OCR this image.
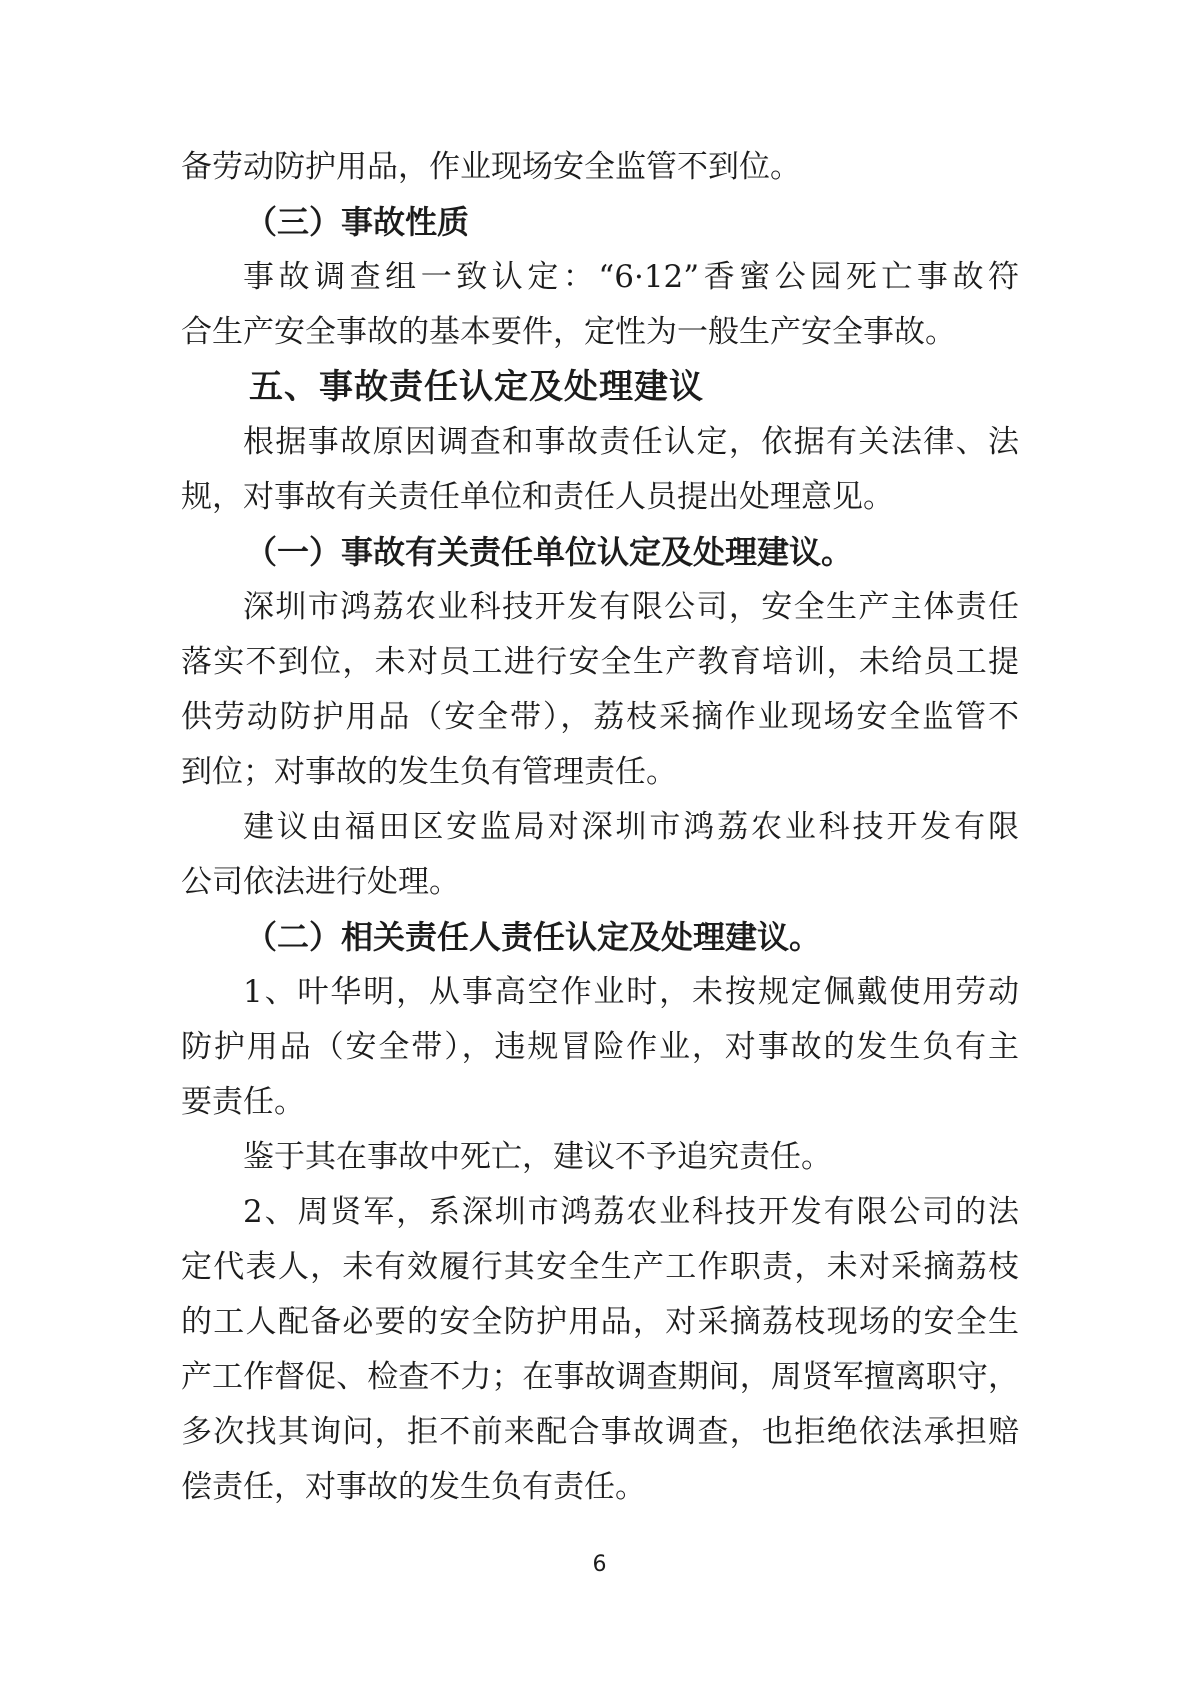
备劳动防护用品，作业现场安全监管不到位。
（三）事故性质
事故调查组一致认定：“6·12”香蜜公园死亡事故符
合生产安全事故的基本要件，定性为一般生产安全事故。
五、事故责任认定及处理建议
根据事故原因调查和事故责任认定，依据有关法律、法
规，对事故有关责任单位和责任人员提出处理意见。
（一）事故有关责任单位认定及处理建议。
深圳市鸿荔农业科技开发有限公司，安全生产主体责任
落实不到位，未对员工进行安全生产教育培训，未给员工提
供劳动防护用品（安全带），荔枝采摘作业现场安全监管不
到位；对事故的发生负有管理责任。
建议由福田区安监局对深圳市鸿荔农业科技开发有限
公司依法进行处理。
（二）相关责任人责任认定及处理建议。
1、叶华明，从事高空作业时，未按规定佩戴使用劳动
防护用品（安全带），违规冒险作业，对事故的发生负有主
要责任。
鉴于其在事故中死亡，建议不予追究责任。
2、周贤军，系深圳市鸿荔农业科技开发有限公司的法
定代表人，未有效履行其安全生产工作职责，未对采摘荔枝
的工人配备必要的安全防护用品，对采摘荔枝现场的安全生
产工作督促、检查不力；在事故调查期间，周贤军擅离职守，
多次找其询问，拒不前来配合事故调查，也拒绝依法承担赔
偿责任，对事故的发生负有责任。
6
